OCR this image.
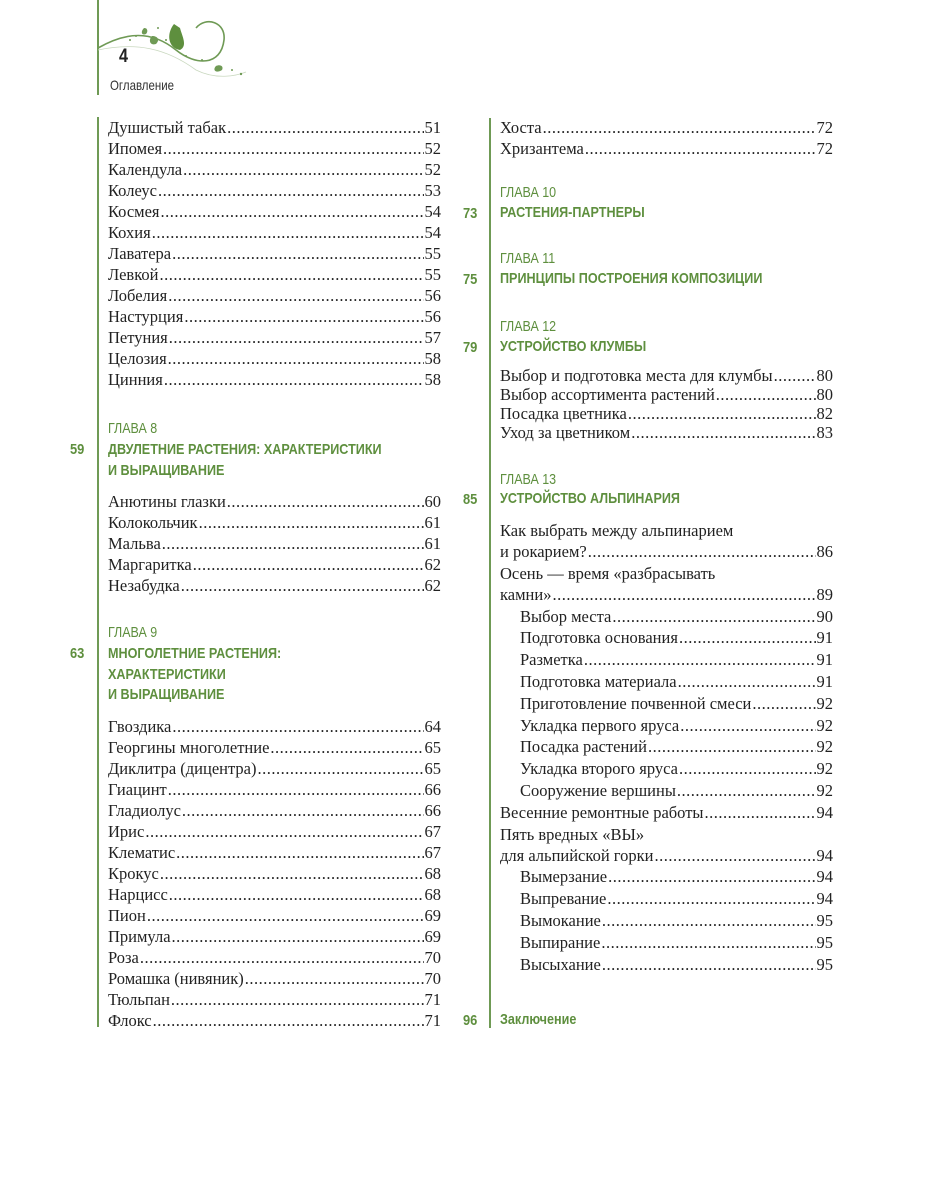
4
Оглавление
Душистый табак .....	51
Ипомея .....	52
Календула .....	52
Колеус .....	53
Космея .....	54
Кохия .....	54
Лаватера .....	55
Левкой .....	55
Лобелия .....	56
Настурция .....	56
Петуния .....	57
Целозия .....	58
Цинния .....	58
ГЛАВА 8
59 ДВУЛЕТНИЕ РАСТЕНИЯ: ХАРАКТЕРИСТИКИ
И ВЫРАЩИВАНИЕ
Анютины глазки .....	60
Колокольчик .....	61
Мальва .....	61
Маргаритка .....	62
Незабудка .....	62
ГЛАВА 9
63 МНОГОЛЕТНИЕ РАСТЕНИЯ:
ХАРАКТЕРИСТИКИ
И ВЫРАЩИВАНИЕ
Гвоздика .....	64
Георгины многолетние .....	65
Диклитра (дицентра) .....	65
Гиацинт .....	66
Гладиолус .....	66
Ирис .....	67
Клематис .....	67
Крокус .....	68
Нарцисс .....	68
Пион .....	69
Примула .....	69
Роза .....	70
Ромашка (нивяник) .....	70
Тюльпан .....	71
Флокс .....	71
Хоста .....	72
Хризантема .....	72
ГЛАВА 10
73 РАСТЕНИЯ-ПАРТНЕРЫ
ГЛАВА 11
75 ПРИНЦИПЫ ПОСТРОЕНИЯ КОМПОЗИЦИИ
ГЛАВА 12
79 УСТРОЙСТВО КЛУМБЫ
Выбор и подготовка места для клумбы .....	80
Выбор ассортимента растений .....	80
Посадка цветника .....	82
Уход за цветником .....	83
ГЛАВА 13
85 УСТРОЙСТВО АЛЬПИНАРИЯ
Как выбрать между альпинарием
и рокарием? .....	86
Осень — время «разбрасывать
камни» .....	89
Выбор места .....	90
Подготовка основания .....	91
Разметка .....	91
Подготовка материала .....	91
Приготовление почвенной смеси .....	92
Укладка первого яруса .....	92
Посадка растений .....	92
Укладка второго яруса .....	92
Сооружение вершины .....	92
Весенние ремонтные работы .....	94
Пять вредных «ВЫ»
для альпийской горки .....	94
Вымерзание .....	94
Выпревание .....	94
Вымокание .....	95
Выпирание .....	95
Высыхание .....	95
96 Заключение
